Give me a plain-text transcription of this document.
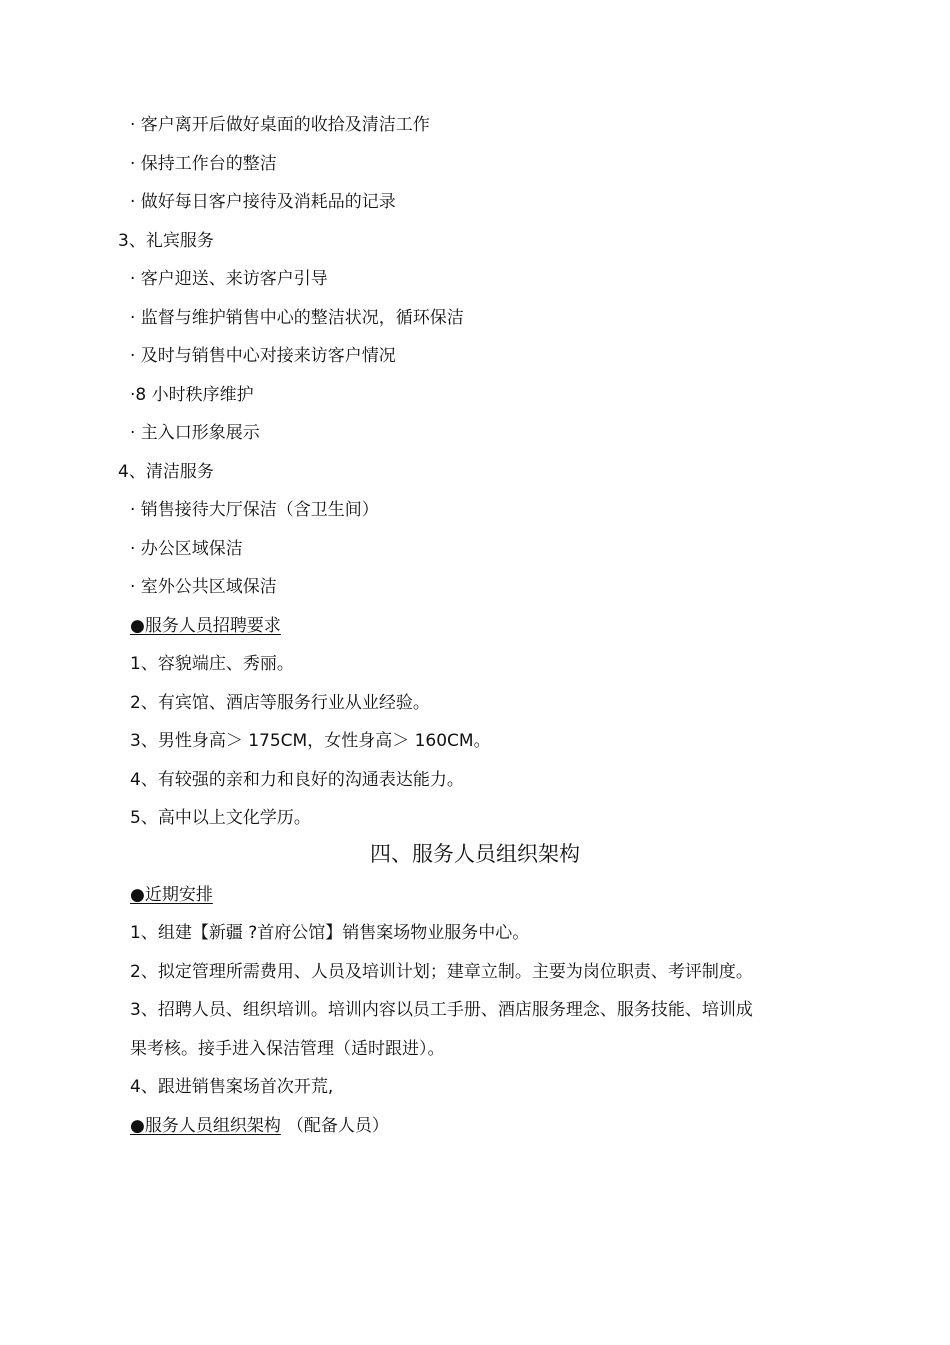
· 客户离开后做好桌面的收拾及清洁工作
· 保持工作台的整洁
· 做好每日客户接待及消耗品的记录
3、礼宾服务
· 客户迎送、来访客户引导
· 监督与维护销售中心的整洁状况，循环保洁
· 及时与销售中心对接来访客户情况
·8 小时秩序维护
· 主入口形象展示
4、清洁服务
· 销售接待大厅保洁（含卫生间）
· 办公区域保洁
· 室外公共区域保洁
●服务人员招聘要求
1、容貌端庄、秀丽。
2、有宾馆、酒店等服务行业从业经验。
3、男性身高＞ 175CM，女性身高＞ 160CM。
4、有较强的亲和力和良好的沟通表达能力。
5、高中以上文化学历。
四、服务人员组织架构
●近期安排
1、组建【新疆 ?首府公馆】销售案场物业服务中心。
2、拟定管理所需费用、人员及培训计划；建章立制。主要为岗位职责、考评制度。
3、招聘人员、组织培训。培训内容以员工手册、酒店服务理念、服务技能、培训成
果考核。接手进入保洁管理（适时跟进）。
4、跟进销售案场首次开荒,
●服务人员组织架构 （配备人员）
